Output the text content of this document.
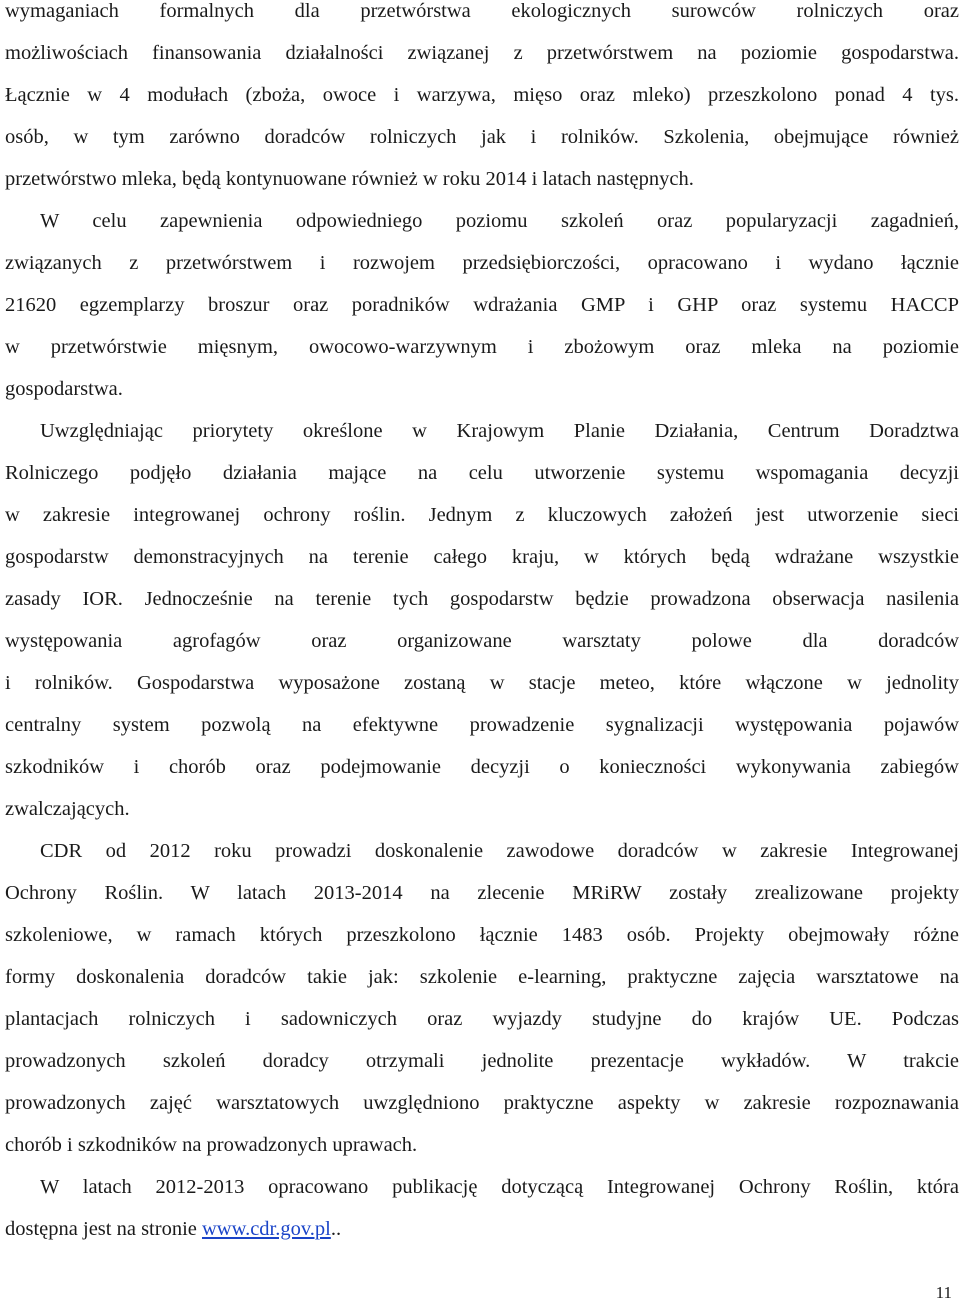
wymaganiach formalnych dla przetwórstwa ekologicznych surowców rolniczych oraz
możliwościach finansowania działalności związanej z przetwórstwem na poziomie gospodarstwa.
Łącznie w 4 modułach (zboża, owoce i warzywa, mięso oraz mleko) przeszkolono ponad 4 tys.
osób, w tym zarówno doradców rolniczych jak i rolników. Szkolenia, obejmujące również
przetwórstwo mleka, będą kontynuowane również w roku 2014 i latach następnych.
W celu zapewnienia odpowiedniego poziomu szkoleń oraz popularyzacji zagadnień,
związanych z przetwórstwem i rozwojem przedsiębiorczości, opracowano i wydano łącznie
21620 egzemplarzy broszur oraz poradników wdrażania GMP i GHP oraz systemu HACCP
w przetwórstwie mięsnym, owocowo-warzywnym i zbożowym oraz mleka na poziomie
gospodarstwa.
Uwzględniając priorytety określone w Krajowym Planie Działania, Centrum Doradztwa
Rolniczego podjęło działania mające na celu utworzenie systemu wspomagania decyzji
w zakresie integrowanej ochrony roślin. Jednym z kluczowych założeń jest utworzenie sieci
gospodarstw demonstracyjnych na terenie całego kraju, w których będą wdrażane wszystkie
zasady IOR. Jednocześnie na terenie tych gospodarstw będzie prowadzona obserwacja nasilenia
występowania agrofagów oraz organizowane warsztaty polowe dla doradców
i rolników. Gospodarstwa wyposażone zostaną w stacje meteo, które włączone w jednolity
centralny system pozwolą na efektywne prowadzenie sygnalizacji występowania pojawów
szkodników i chorób oraz podejmowanie decyzji o konieczności wykonywania zabiegów
zwalczających.
CDR od 2012 roku prowadzi doskonalenie zawodowe doradców w zakresie Integrowanej
Ochrony Roślin. W latach 2013-2014 na zlecenie MRiRW zostały zrealizowane projekty
szkoleniowe, w ramach których przeszkolono łącznie 1483 osób. Projekty obejmowały różne
formy doskonalenia doradców takie jak: szkolenie e-learning, praktyczne zajęcia warsztatowe na
plantacjach rolniczych i sadowniczych oraz wyjazdy studyjne do krajów UE. Podczas
prowadzonych szkoleń doradcy otrzymali jednolite prezentacje wykładów. W trakcie
prowadzonych zajęć warsztatowych uwzględniono praktyczne aspekty w zakresie rozpoznawania
chorób i szkodników na prowadzonych uprawach.
W latach 2012-2013 opracowano publikację dotyczącą Integrowanej Ochrony Roślin, która
dostępna jest na stronie www.cdr.gov.pl..
11
